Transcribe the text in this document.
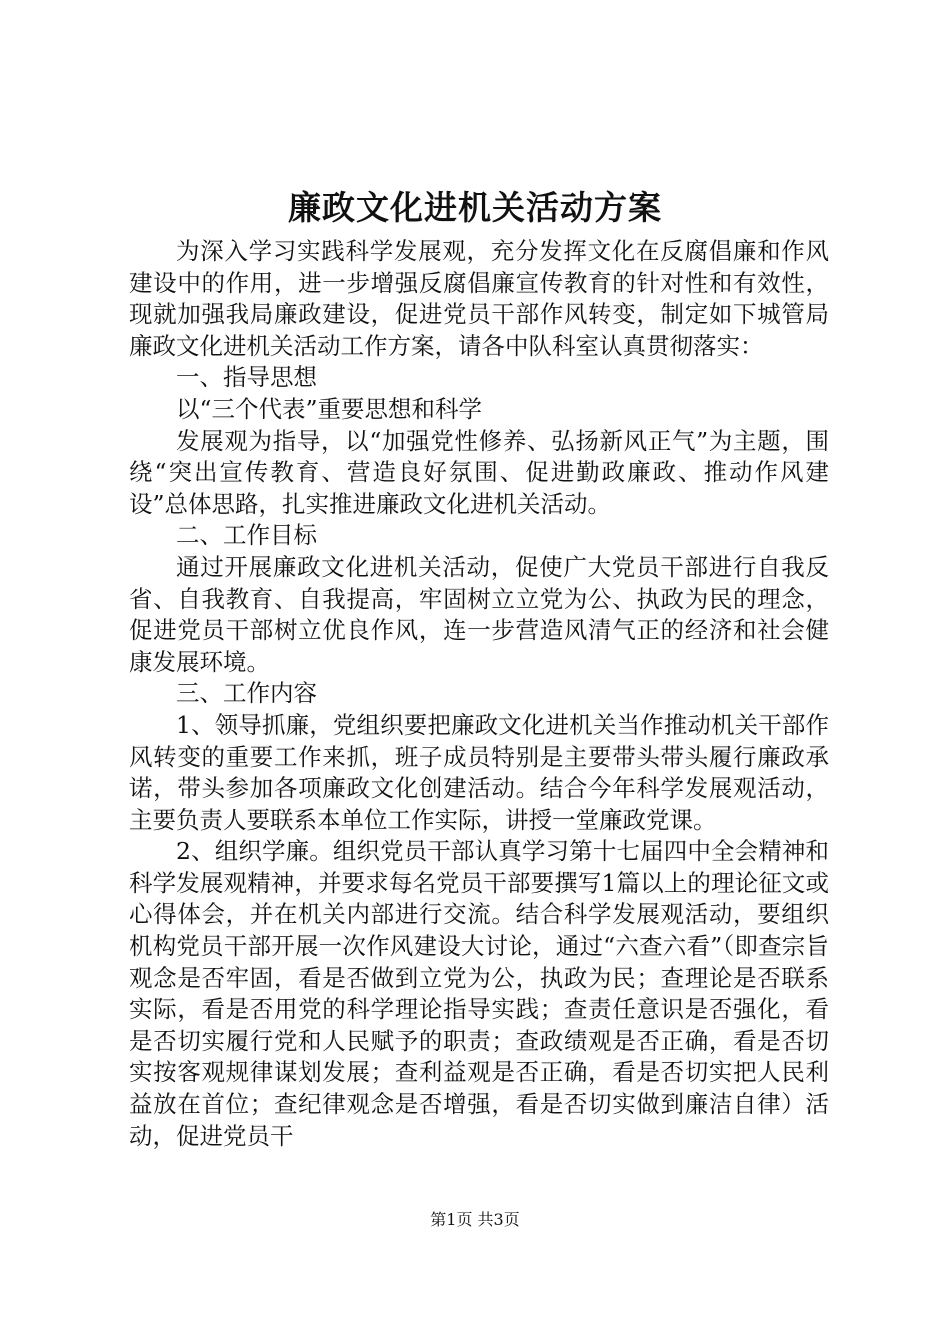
廉政文化进机关活动方案

为深入学习实践科学发展观，充分发挥文化在反腐倡廉和作风建设中的作用，进一步增强反腐倡廉宣传教育的针对性和有效性，现就加强我局廉政建设，促进党员干部作风转变，制定如下城管局廉政文化进机关活动工作方案，请各中队科室认真贯彻落实：

一、指导思想

以“三个代表”重要思想和科学

发展观为指导，以“加强党性修养、弘扬新风正气”为主题，围绕“突出宣传教育、营造良好氛围、促进勤政廉政、推动作风建设”总体思路，扎实推进廉政文化进机关活动。

二、工作目标

通过开展廉政文化进机关活动，促使广大党员干部进行自我反省、自我教育、自我提高，牢固树立立党为公、执政为民的理念，促进党员干部树立优良作风，连一步营造风清气正的经济和社会健康发展环境。

三、工作内容

1、领导抓廉，党组织要把廉政文化进机关当作推动机关干部作风转变的重要工作来抓，班子成员特别是主要带头带头履行廉政承诺，带头参加各项廉政文化创建活动。结合今年科学发展观活动，主要负责人要联系本单位工作实际，讲授一堂廉政党课。

2、组织学廉。组织党员干部认真学习第十七届四中全会精神和科学发展观精神，并要求每名党员干部要撰写1篇以上的理论征文或心得体会，并在机关内部进行交流。结合科学发展观活动，要组织机构党员干部开展一次作风建设大讨论，通过“六查六看”（即查宗旨观念是否牢固，看是否做到立党为公，执政为民；查理论是否联系实际，看是否用党的科学理论指导实践；查责任意识是否强化，看是否切实履行党和人民赋予的职责；查政绩观是否正确，看是否切实按客观规律谋划发展；查利益观是否正确，看是否切实把人民利益放在首位；查纪律观念是否增强，看是否切实做到廉洁自律）活动，促进党员干

第1页 共3页
